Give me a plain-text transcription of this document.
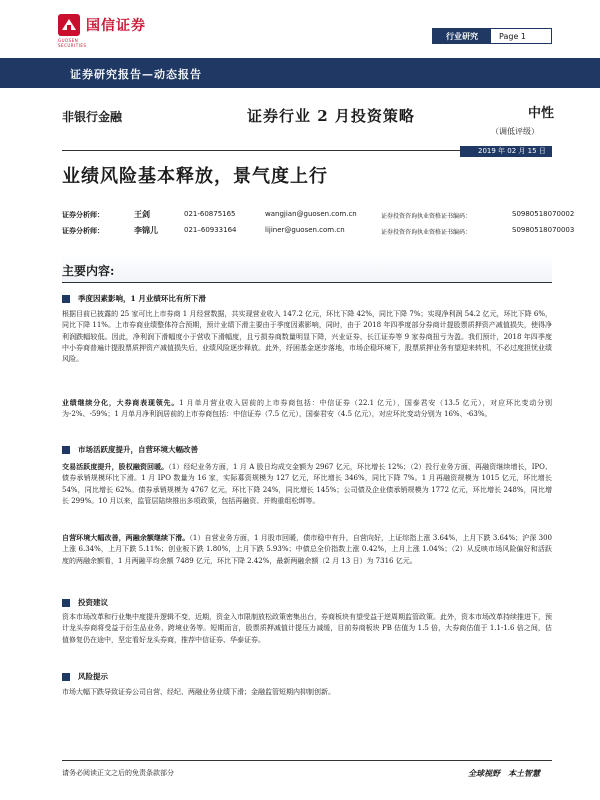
GUOSEN SECURITIES
国信证券
行业研究	Page 1
证券研究报告—动态报告
非银行金融	证券行业 2 月投资策略	中性
（调低评级）
2019 年 02 月 15 日
业绩风险基本释放，景气度上行
证券分析师：	王剑	021-60875165	wangjian@guosen.com.cn	证券投资咨询执业资格证书编码：	S0980518070002
证券分析师：	李锦儿	021–60933164	lijiner@guosen.com.cn	证券投资咨询执业资格证书编码：	S0980518070003
主要内容:
季度因素影响，1 月业绩环比有所下滑
根据目前已披露的 25 家可比上市券商 1 月经营数据，共实现营业收入 147.2 亿元，环比下降 42%，同比下降 7%；实现净利润 54.2 亿元，环比下降 6%，同比下降 11%。上市券商业绩整体符合预期，预计业绩下滑主要由于季度因素影响，同时，由于 2018 年四季度部分券商计提股票质押资产减值损失，使得净利润跌幅较低。因此，净利润下滑幅度小于营收下滑幅度，且亏损券商数量明显下降，兴业证券、长江证券等 9 家券商扭亏为盈。我们预计，2018 年四季度中小券商普遍计提股票质押资产减值损失后，业绩风险逐步释放。此外，纾困基金逐步落地，市场企稳环境下，股票质押业务有望迎来转机，不必过度担忧业绩风险。
业绩继续分化，大券商表现领先。1 月单月营业收入居前的上市券商包括：中信证券（22.1 亿元），国泰君安（13.5 亿元），对应环比变动分别为-2%、-59%；1 月单月净利润居前的上市券商包括：中信证券（7.5 亿元），国泰君安（4.5 亿元），对应环比变动分别为 16%、-63%。
市场活跃度提升，自营环境大幅改善
交易活跃度提升，股权融资回暖。（1）经纪业务方面，1 月 A 股日均成交金额为 2967 亿元，环比增长 12%；（2）投行业务方面，再融资继续增长，IPO、债券承销规模环比下滑。1 月 IPO 数量为 16 家，实际募资规模为 127 亿元，环比增长 346%，同比下降 7%。1 月再融资规模为 1015 亿元，环比增长 54%，同比增长 62%。债券承销规模为 4767 亿元，环比下降 24%，同比增长 145%；公司债及企业债承销规模为 1772 亿元，环比增长 248%，同比增长 299%。10 月以来，监管层陆续推出多项政策，包括再融资、并购重组松绑等。
自营环境大幅改善，两融余额继续下滑。（1）自营业务方面，1 月股市回暖，债市稳中有升，自营向好，上证综指上涨 3.64%，上月下跌 3.64%；沪深 300 上涨 6.34%，上月下跌 5.11%；创业板下跌 1.80%，上月下跌 5.93%；中债总全价指数上涨 0.42%，上月上涨 1.04%；（2）从反映市场风险偏好和活跃度的两融余额看，1 月两融平均余额 7489 亿元，环比下降 2.42%，最新两融余额（2 月 13 日）为 7316 亿元。
投资建议
资本市场改革和行业集中度提升逻辑不变，近期，资金入市限制放松政策密集出台，券商板块有望受益于逆周期监管政策。此外，资本市场改革持续推进下，预计龙头券商将受益于衍生品业务、跨境业务等。短期而言，股票质押减值计提压力减缓，目前券商板块 PB 估值为 1.5 倍，大券商估值于 1.1-1.6 倍之间，估值修复仍在途中，坚定看好龙头券商，推荐中信证券、华泰证券。
风险提示
市场大幅下跌导致证券公司自营、经纪、两融业务业绩下滑；金融监管短期内抑制创新。
请务必阅读正文之后的免责条款部分	全球视野　本土智慧
